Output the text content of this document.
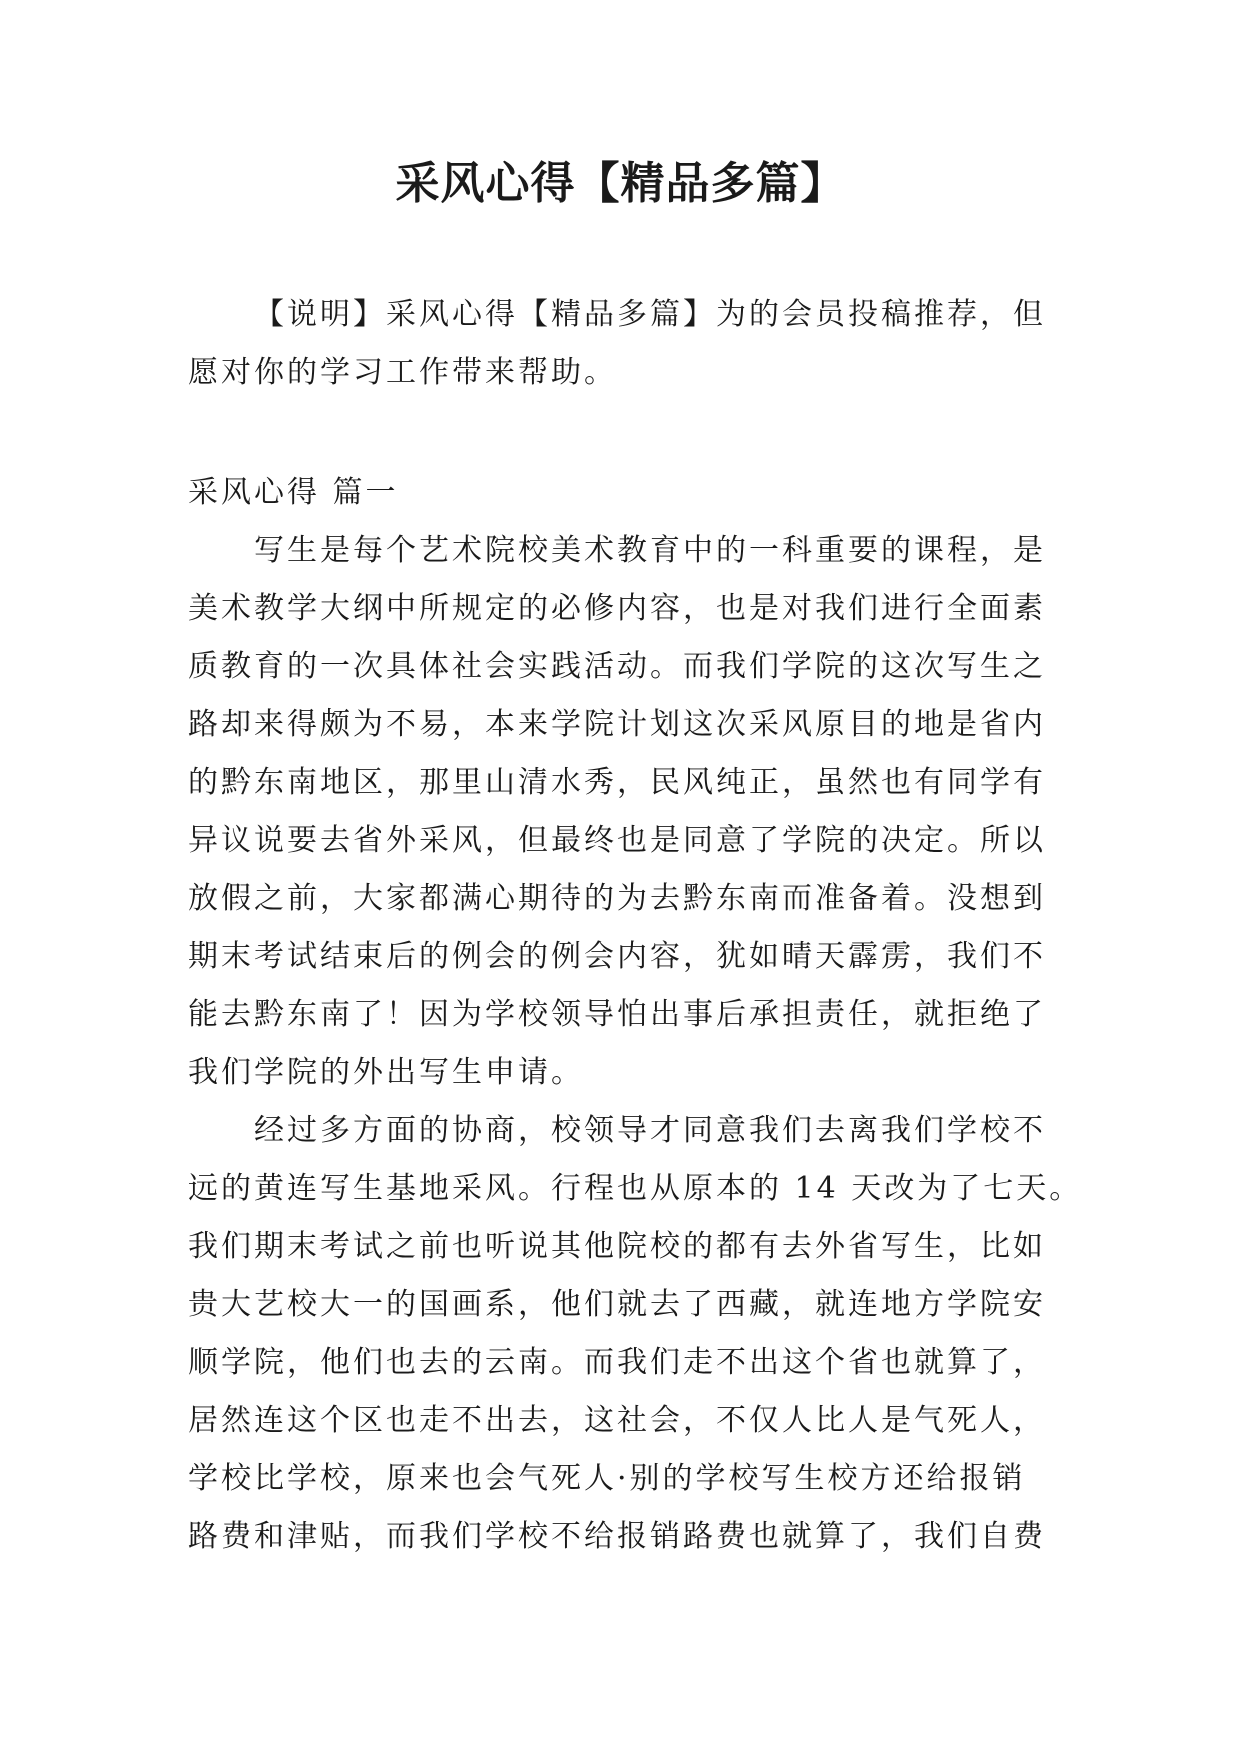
采风心得【精品多篇】
【说明】采风心得【精品多篇】为的会员投稿推荐，但
愿对你的学习工作带来帮助。
采风心得 篇一
写生是每个艺术院校美术教育中的一科重要的课程，是
美术教学大纲中所规定的必修内容，也是对我们进行全面素
质教育的一次具体社会实践活动。而我们学院的这次写生之
路却来得颇为不易，本来学院计划这次采风原目的地是省内
的黔东南地区，那里山清水秀，民风纯正，虽然也有同学有
异议说要去省外采风，但最终也是同意了学院的决定。所以
放假之前，大家都满心期待的为去黔东南而准备着。没想到
期末考试结束后的例会的例会内容，犹如晴天霹雳，我们不
能去黔东南了！因为学校领导怕出事后承担责任，就拒绝了
我们学院的外出写生申请。
经过多方面的协商，校领导才同意我们去离我们学校不
远的黄连写生基地采风。行程也从原本的 14 天改为了七天。
我们期末考试之前也听说其他院校的都有去外省写生，比如
贵大艺校大一的国画系，他们就去了西藏，就连地方学院安
顺学院，他们也去的云南。而我们走不出这个省也就算了，
居然连这个区也走不出去，这社会，不仅人比人是气死人，
学校比学校，原来也会气死人·别的学校写生校方还给报销
路费和津贴，而我们学校不给报销路费也就算了，我们自费
